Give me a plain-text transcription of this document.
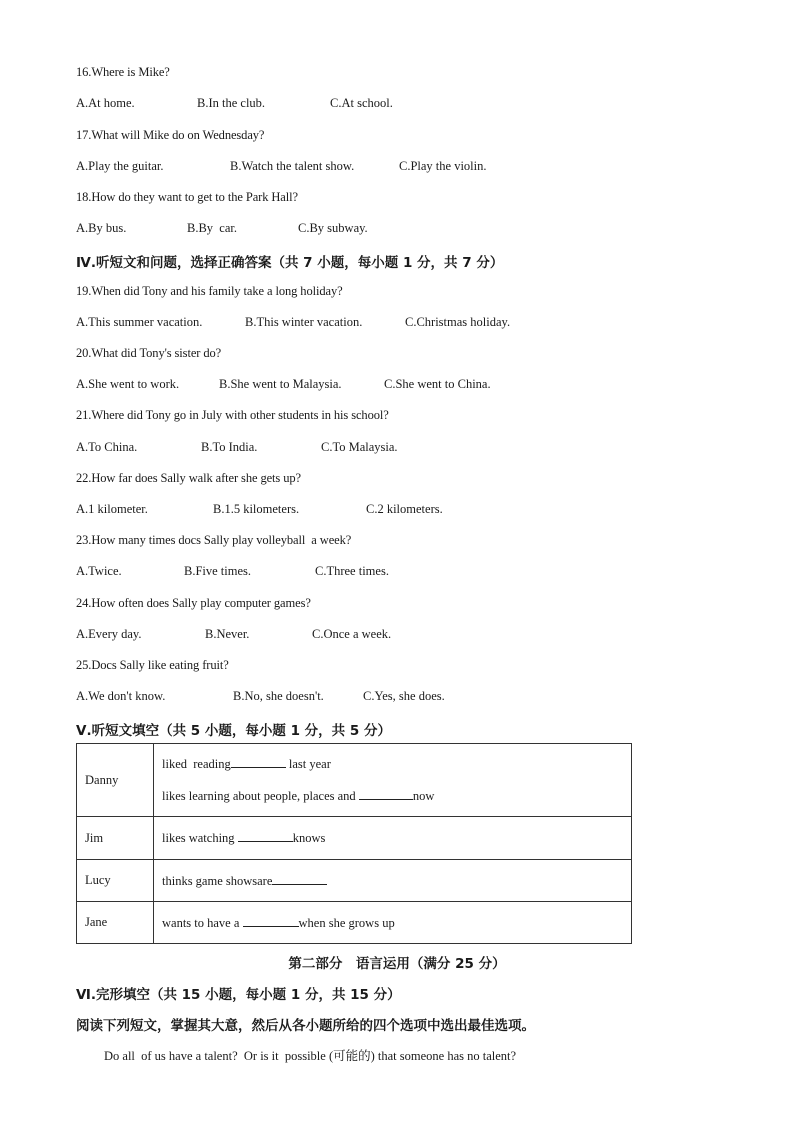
16.Where is Mike?
A.At home.	B.In the club.	C.At school.
17.What will Mike do on Wednesday?
A.Play the guitar.	B.Watch the talent show.	C.Play the violin.
18.How do they want to get to the Park Hall?
A.By bus.	B.By  car.	C.By subway.
Ⅳ.听短文和问题，选择正确答案（共 7 小题，每小题 1 分，共 7 分）
19.When did Tony and his family take a long holiday?
A.This summer vacation.	B.This winter vacation.	C.Christmas holiday.
20.What did Tony's sister do?
A.She went to work.	B.She went to Malaysia.	C.She went to China.
21.Where did Tony go in July with other students in his school?
A.To China.	B.To India.	C.To Malaysia.
22.How far does Sally walk after she gets up?
A.1 kilometer.	B.1.5 kilometers.	C.2 kilometers.
23.How many times docs Sally play volleyball  a week?
A.Twice.	B.Five times.	C.Three times.
24.How often does Sally play computer games?
A.Every day.	B.Never.	C.Once a week.
25.Docs Sally like eating fruit?
A.We don't know.	B.No, she doesn't.	C.Yes, she does.
Ⅴ.听短文填空（共 5 小题，每小题 1 分，共 5 分）
Danny	liked  reading last year
likes learning about people, places and now

Jim	likes watching knows

Lucy	thinks game showsare

Jane	wants to have a when she grows up
第二部分　语言运用（满分 25 分）
Ⅵ.完形填空（共 15 小题，每小题 1 分，共 15 分）
阅读下列短文，掌握其大意，然后从各小题所给的四个选项中选出最佳选项。
Do all  of us have a talent?  Or is it  possible (可能的) that someone has no talent?
